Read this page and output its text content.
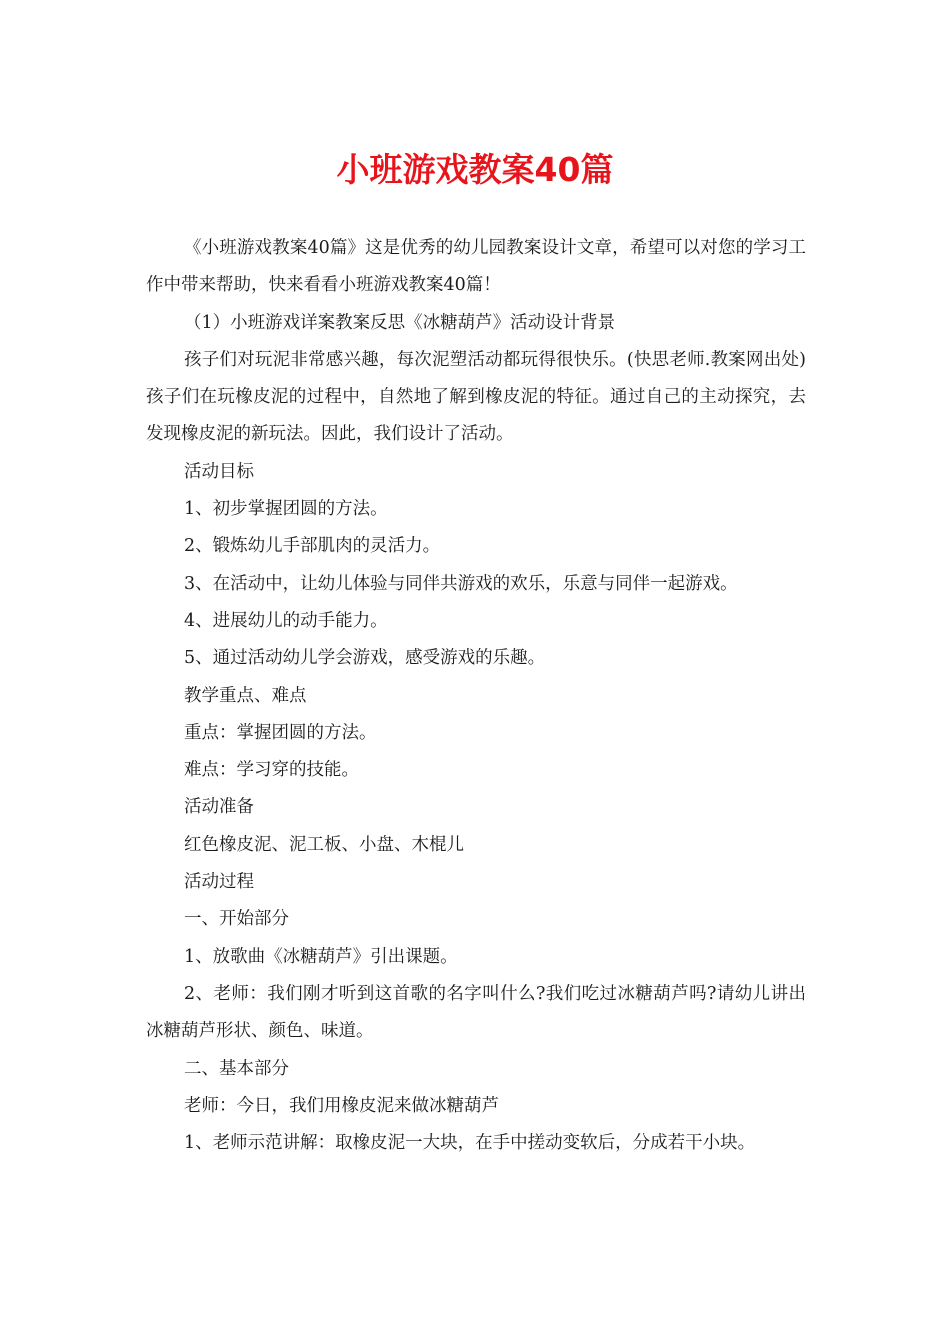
小班游戏教案40篇

《小班游戏教案40篇》这是优秀的幼儿园教案设计文章，希望可以对您的学习工作中带来帮助，快来看看小班游戏教案40篇！

（1）小班游戏详案教案反思《冰糖葫芦》活动设计背景

孩子们对玩泥非常感兴趣，每次泥塑活动都玩得很快乐。(快思老师.教案网出处)孩子们在玩橡皮泥的过程中，自然地了解到橡皮泥的特征。通过自己的主动探究，去发现橡皮泥的新玩法。因此，我们设计了活动。

活动目标

1、初步掌握团圆的方法。

2、锻炼幼儿手部肌肉的灵活力。

3、在活动中，让幼儿体验与同伴共游戏的欢乐，乐意与同伴一起游戏。

4、进展幼儿的动手能力。

5、通过活动幼儿学会游戏，感受游戏的乐趣。

教学重点、难点

重点：掌握团圆的方法。

难点：学习穿的技能。

活动准备

红色橡皮泥、泥工板、小盘、木棍儿

活动过程

一、开始部分

1、放歌曲《冰糖葫芦》引出课题。

2、老师：我们刚才听到这首歌的名字叫什么?我们吃过冰糖葫芦吗?请幼儿讲出冰糖葫芦形状、颜色、味道。

二、基本部分

老师：今日，我们用橡皮泥来做冰糖葫芦

1、老师示范讲解：取橡皮泥一大块，在手中搓动变软后，分成若干小块。
